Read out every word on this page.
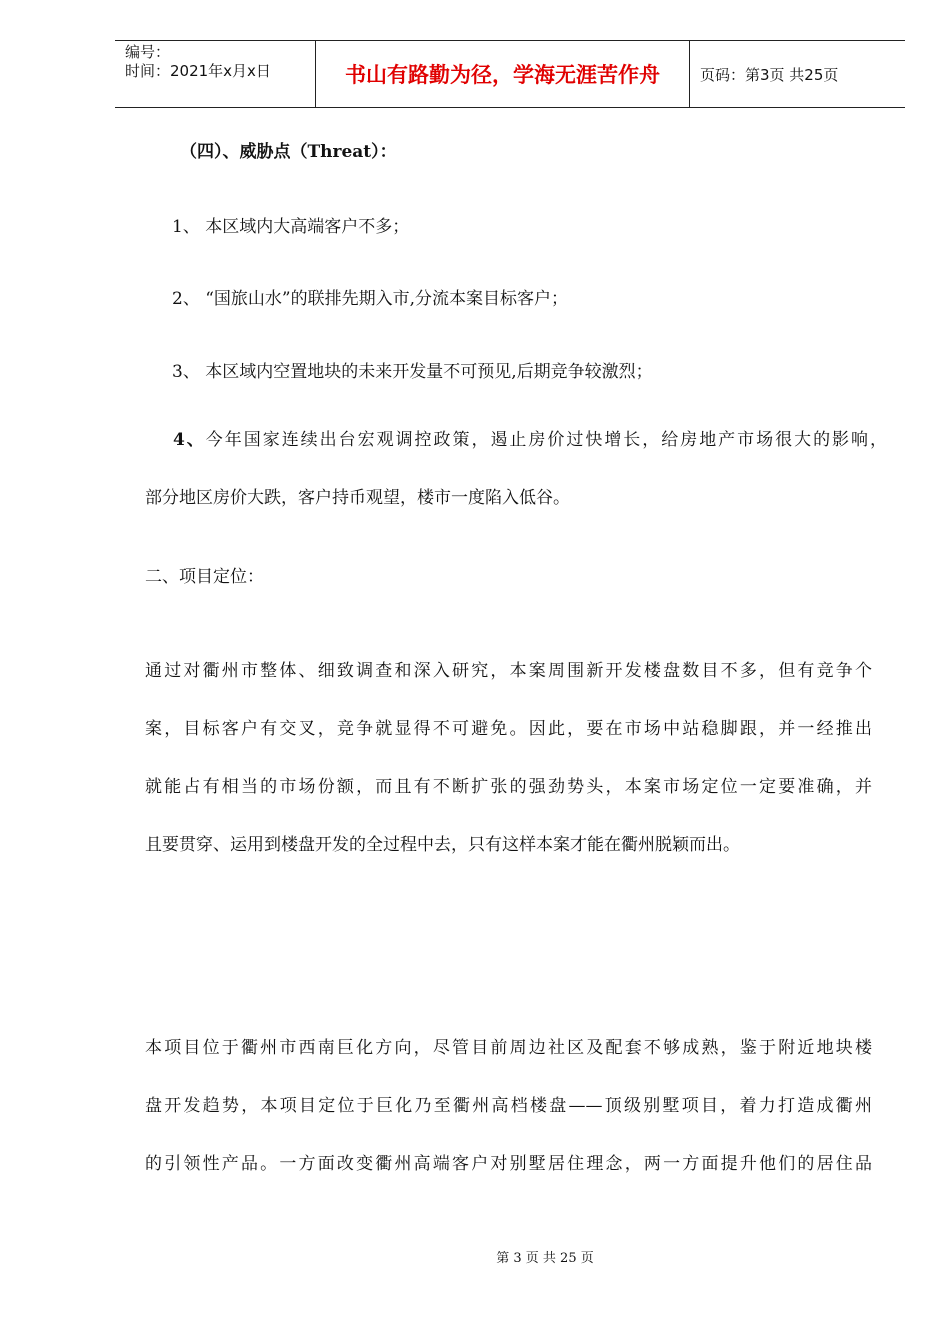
编号：
时间：2021年x月x日	书山有路勤为径，学海无涯苦作舟	页码：第3页 共25页
（四）、威胁点（Threat）：
1、 本区域内大高端客户不多；
2、 “国旅山水”的联排先期入市,分流本案目标客户；
3、 本区域内空置地块的未来开发量不可预见,后期竞争较激烈；
4、今年国家连续出台宏观调控政策，遏止房价过快增长，给房地产市场很大的影响，
部分地区房价大跌，客户持币观望，楼市一度陷入低谷。
二、项目定位：
通过对衢州市整体、细致调查和深入研究，本案周围新开发楼盘数目不多，但有竞争个
案，目标客户有交叉，竞争就显得不可避免。因此，要在市场中站稳脚跟，并一经推出
就能占有相当的市场份额，而且有不断扩张的强劲势头，本案市场定位一定要准确，并
且要贯穿、运用到楼盘开发的全过程中去，只有这样本案才能在衢州脱颖而出。
本项目位于衢州市西南巨化方向，尽管目前周边社区及配套不够成熟，鉴于附近地块楼
盘开发趋势，本项目定位于巨化乃至衢州高档楼盘——顶级别墅项目，着力打造成衢州
的引领性产品。一方面改变衢州高端客户对别墅居住理念，两一方面提升他们的居住品
第 3 页 共 25 页
